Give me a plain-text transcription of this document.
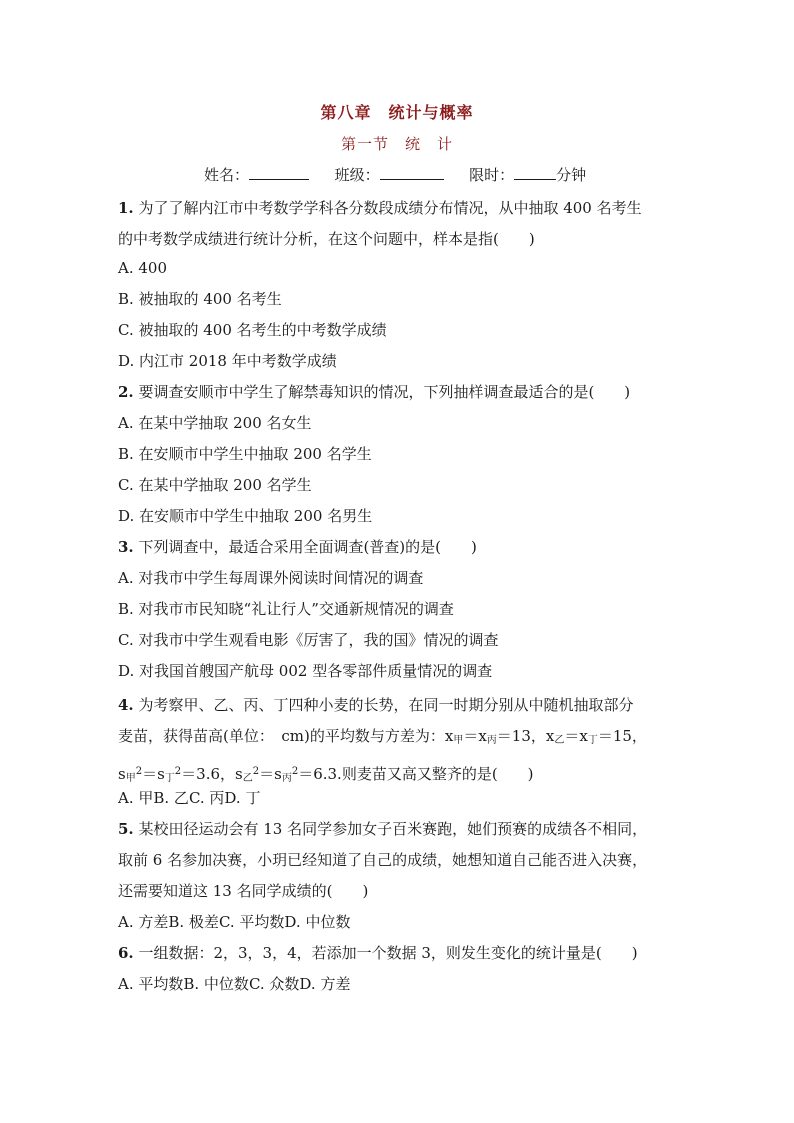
第八章　统计与概率
第一节　统　计
姓名：	班级：	限时：	分钟
1. 为了了解内江市中考数学学科各分数段成绩分布情况，从中抽取 400 名考生
的中考数学成绩进行统计分析，在这个问题中，样本是指(　　)
A. 400
B. 被抽取的 400 名考生
C. 被抽取的 400 名考生的中考数学成绩
D. 内江市 2018 年中考数学成绩
2. 要调查安顺市中学生了解禁毒知识的情况，下列抽样调查最适合的是(　　)
A. 在某中学抽取 200 名女生
B. 在安顺市中学生中抽取 200 名学生
C. 在某中学抽取 200 名学生
D. 在安顺市中学生中抽取 200 名男生
3. 下列调查中，最适合采用全面调查(普查)的是(　　)
A. 对我市中学生每周课外阅读时间情况的调查
B. 对我市市民知晓“礼让行人”交通新规情况的调查
C. 对我市中学生观看电影《厉害了，我的国》情况的调查
D. 对我国首艘国产航母 002 型各零部件质量情况的调查
4. 为考察甲、乙、丙、丁四种小麦的长势，在同一时期分别从中随机抽取部分
麦苗，获得苗高(单位：　cm)的平均数与方差为：$x_甲=x_丙=13$，$x_乙=x_丁=15$，
$s_甲^2=s_丁^2=3.6$，$s_乙^2=s_丙^2=6.3$.则麦苗又高又整齐的是(　　)
A. 甲B. 乙C. 丙D. 丁
5. 某校田径运动会有 13 名同学参加女子百米赛跑，她们预赛的成绩各不相同，
取前 6 名参加决赛，小玥已经知道了自己的成绩，她想知道自己能否进入决赛，
还需要知道这 13 名同学成绩的(　　)
A. 方差B. 极差C. 平均数D. 中位数
6. 一组数据：2，3，3，4，若添加一个数据 3，则发生变化的统计量是(　　)
A. 平均数B. 中位数C. 众数D. 方差
